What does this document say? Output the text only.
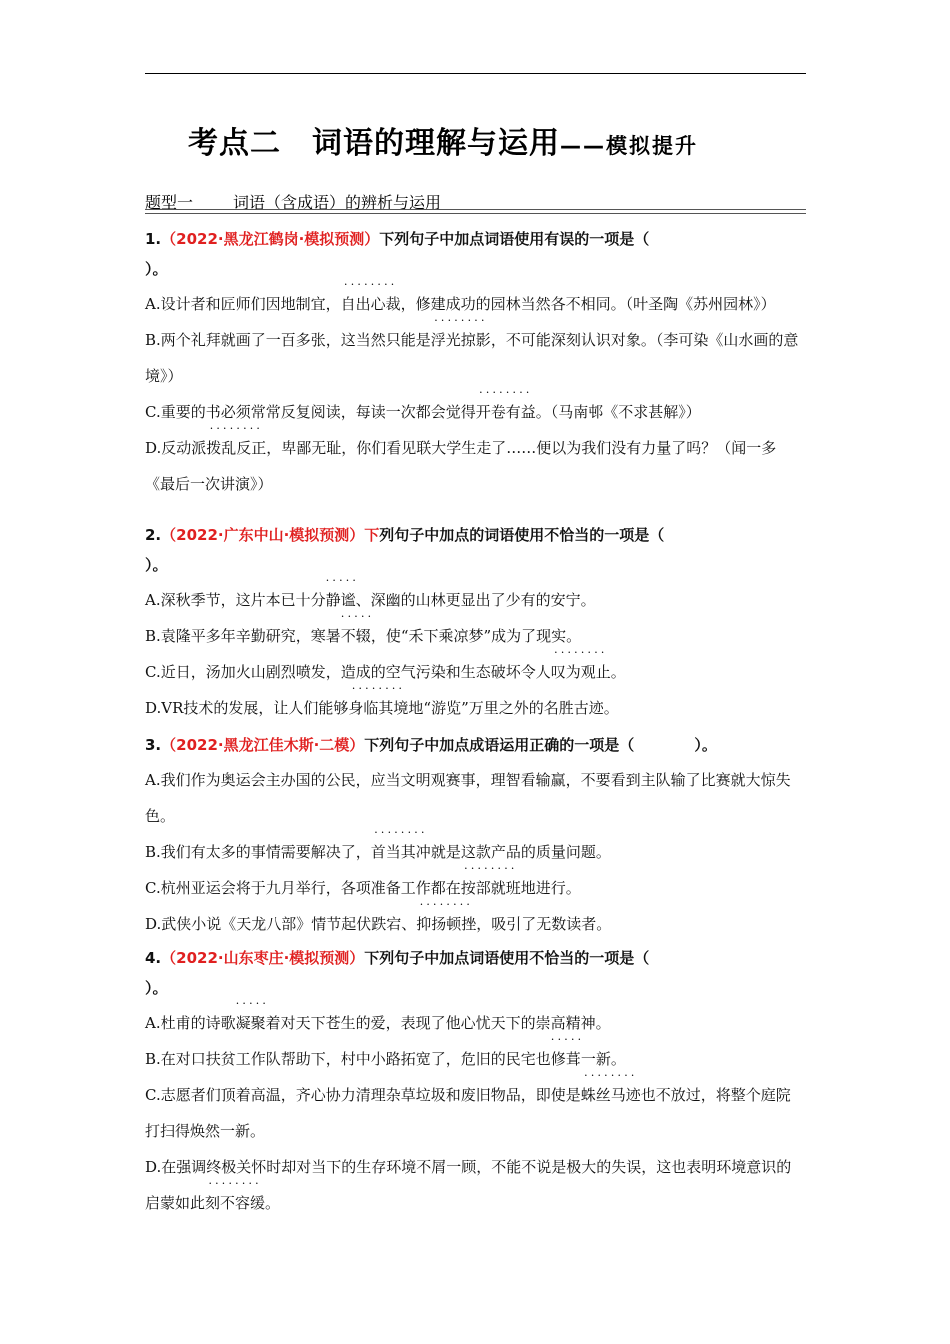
考点二　词语的理解与运用——模拟提升
题型一	词语（含成语）的辨析与运用
1.（2022·黑龙江鹤岗·模拟预测）下列句子中加点词语使用有误的一项是（
）。

A.设计者和匠师们因地制宜，․․․․․․․․ 自出心裁，修建成功的园林当然各不相同。（叶圣陶《苏州园林》）

B.两个礼拜就画了一百多张，这当然只能是․․․․․․․․ 浮光掠影，不可能深刻认识对象。（李可染《山水画的意境》）

C.重要的书必须常常反复阅读，每读一次都会觉得․․․․․․․․ 开卷有益。（马南邨《不求甚解》）

D.反动派․․․․․․․․ 拨乱反正，卑鄙无耻，你们看见联大学生走了……便以为我们没有力量了吗？（闻一多《最后一次讲演》）

2.（2022·广东中山·模拟预测）下列句子中加点的词语使用不恰当的一项是（
）。

A.深秋季节，这片本已十分․․․․․․․․ 静谧、深幽的山林更显出了少有的安宁。

B.袁隆平多年辛勤研究，寒暑․․․․․․․․ 不辍，使“禾下乘凉梦”成为了现实。

C.近日，汤加火山剧烈喷发，造成的空气污染和生态破坏令人․․․․․․․․ 叹为观止。

D.VR技术的发展，让人们能够․․․․․․․․ 身临其境地“游览”万里之外的名胜古迹。

3.（2022·黑龙江佳木斯·二模）下列句子中加点成语运用正确的一项是（	）。

A.我们作为奥运会主办国的公民，应当文明观赛事，理智看输赢，不要看到主队输了比赛就․․․․․․․․ 大惊失色。

B.我们有太多的事情需要解决了，․․․․․․․․ 首当其冲就是这款产品的质量问题。

C.杭州亚运会将于九月举行，各项准备工作都在․․․․․․․․ 按部就班地进行。

D.武侠小说《天龙八部》情节起伏跌宕、․․․․․․․․ 抑扬顿挫，吸引了无数读者。

4.（2022·山东枣庄·模拟预测）下列句子中加点词语使用不恰当的一项是（
）。

A.杜甫的诗歌․․․․․․․․ 凝聚着对天下苍生的爱，表现了他心忧天下的崇高精神。

B.在对口扶贫工作队帮助下，村中小路拓宽了，危旧的民宅也․․․․․․․․ 修葺一新。

C.志愿者们顶着高温，齐心协力清理杂草垃圾和废旧物品，即使是․․․․․․․․ 蛛丝马迹也不放过，将整个庭院打扫得焕然一新。

D.在强调终极关怀时却对当下的生存环境不屑一顾，不能不说是极大的失误，这也表明环境意识的启蒙如此․․․․․․․․ 刻不容缓。
